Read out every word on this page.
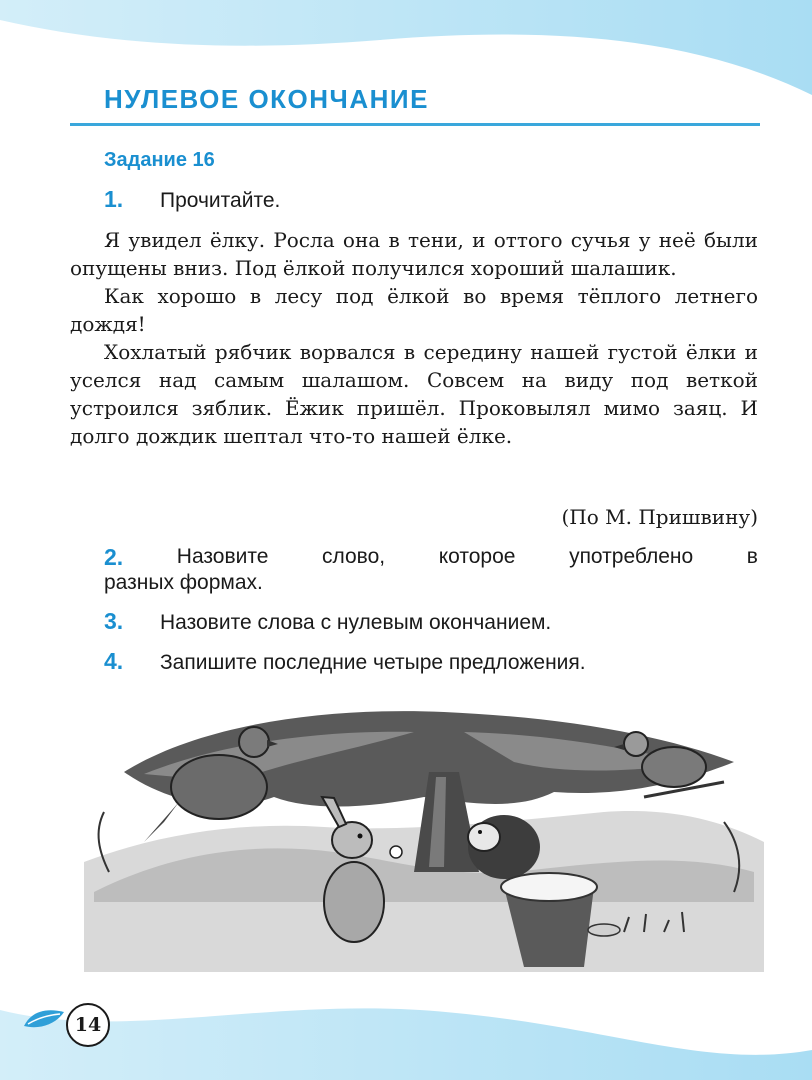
НУЛЕВОЕ ОКОНЧАНИЕ
Задание 16
1. Прочитайте.

Я увидел ёлку. Росла она в тени, и оттого сучья у неё были опущены вниз. Под ёлкой получился хороший шалашик.

Как хорошо в лесу под ёлкой во время тёплого летнего дождя!

Хохлатый рябчик ворвался в середину нашей густой ёлки и уселся над самым шалашом. Совсем на виду под веткой устроился зяблик. Ёжик пришёл. Проковылял мимо заяц. И долго дождик шептал что-то нашей ёлке.

(По М. Пришвину)
2.	Назовите	слово,	которое	употреблено	в
разных формах.
3. Назовите слова с нулевым окончанием.
4. Запишите последние четыре предложения.
14
